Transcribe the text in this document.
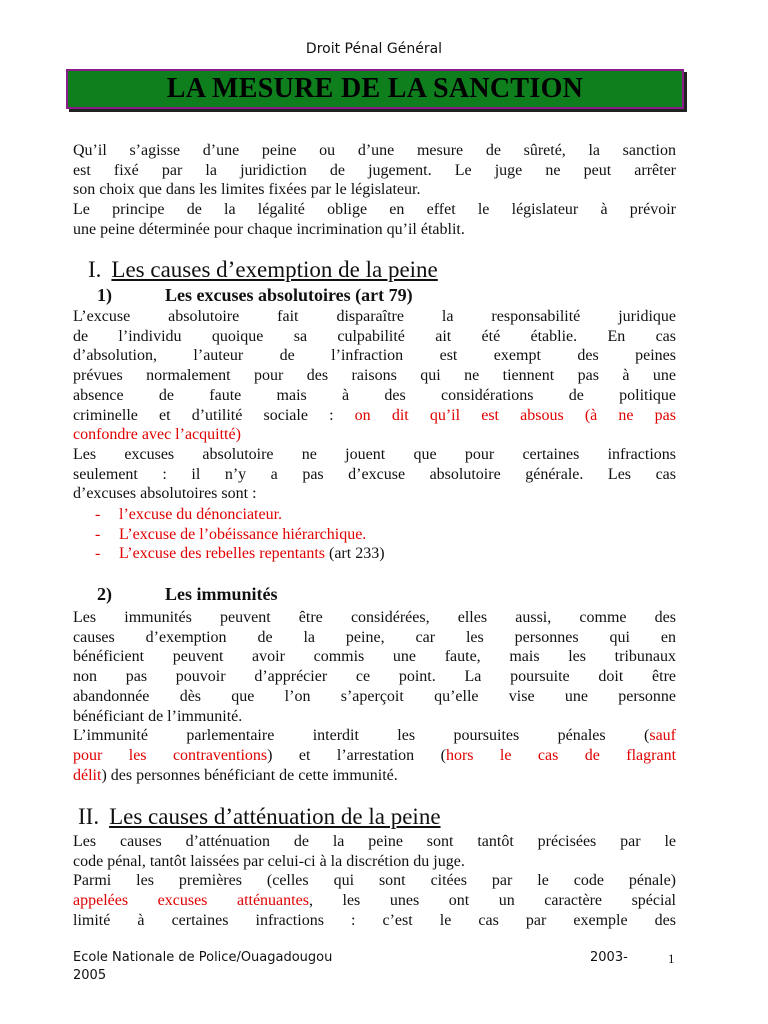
Droit Pénal Général
LA MESURE DE LA SANCTION
Qu’il s’agisse d’une peine ou d’une mesure de sûreté, la sanction
est fixé par la juridiction de jugement. Le juge ne peut arrêter
son choix que dans les limites fixées par le législateur.
Le principe de la légalité oblige en effet le législateur à prévoir
une peine déterminée pour chaque incrimination qu’il établit.
I. Les causes d’exemption de la peine
1)	Les excuses absolutoires (art 79)
L’excuse absolutoire fait disparaître la responsabilité juridique
de l’individu quoique sa culpabilité ait été établie. En cas
d’absolution, l’auteur de l’infraction est exempt des peines
prévues normalement pour des raisons qui ne tiennent pas à une
absence de faute mais à des considérations de politique
criminelle et d’utilité sociale : on dit qu’il est absous (à ne pas
confondre avec l’acquitté)
Les excuses absolutoire ne jouent que pour certaines infractions
seulement : il n’y a pas d’excuse absolutoire générale. Les cas
d’excuses absolutoires sont :
-	l’excuse du dénonciateur.
-	L’excuse de l’obéissance hiérarchique.
-	L’excuse des rebelles repentants (art 233)
2)	Les immunités
Les immunités peuvent être considérées, elles aussi, comme des
causes d’exemption de la peine, car les personnes qui en
bénéficient peuvent avoir commis une faute, mais les tribunaux
non pas pouvoir d’apprécier ce point. La poursuite doit être
abandonnée dès que l’on s’aperçoit qu’elle vise une personne
bénéficiant de l’immunité.
L’immunité parlementaire interdit les poursuites pénales (sauf
pour les contraventions) et l’arrestation (hors le cas de flagrant
délit) des personnes bénéficiant de cette immunité.
II. Les causes d’atténuation de la peine
Les causes d’atténuation de la peine sont tantôt précisées par le
code pénal, tantôt laissées par celui-ci à la discrétion du juge.
Parmi les premières (celles qui sont citées par le code pénale)
appelées excuses atténuantes, les unes ont un caractère spécial
limité à certaines infractions : c’est le cas par exemple des
Ecole Nationale de Police/Ouagadougou
2005
2003-	1
